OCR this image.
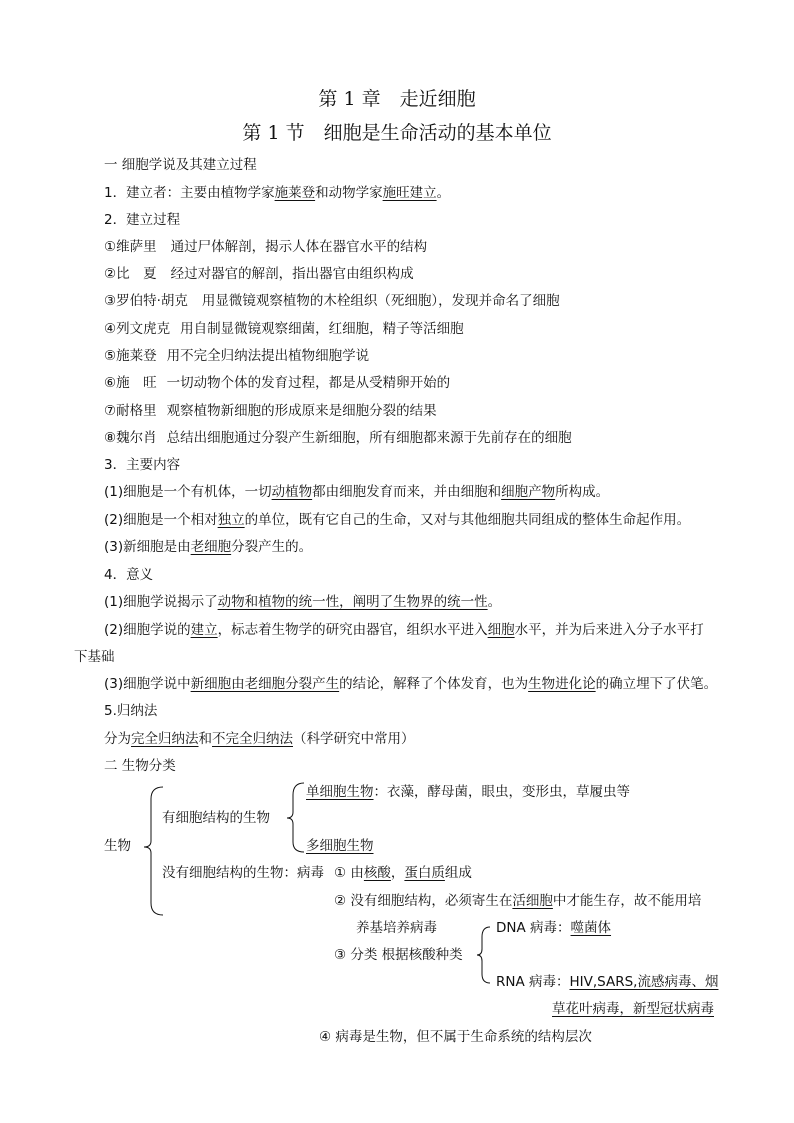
第 1 章　走近细胞
第 1 节　细胞是生命活动的基本单位
一 细胞学说及其建立过程
1．建立者：主要由植物学家施莱登和动物学家施旺建立。
2．建立过程
①维萨里 通过尸体解剖，揭示人体在器官水平的结构
②比　夏 经过对器官的解剖，指出器官由组织构成
③罗伯特·胡克 用显微镜观察植物的木栓组织（死细胞），发现并命名了细胞
④列文虎克 用自制显微镜观察细菌，红细胞，精子等活细胞
⑤施莱登 用不完全归纳法提出植物细胞学说
⑥施　旺 一切动物个体的发育过程，都是从受精卵开始的
⑦耐格里 观察植物新细胞的形成原来是细胞分裂的结果
⑧魏尔肖 总结出细胞通过分裂产生新细胞，所有细胞都来源于先前存在的细胞
3．主要内容
(1)细胞是一个有机体，一切动植物都由细胞发育而来，并由细胞和细胞产物所构成。
(2)细胞是一个相对独立的单位，既有它自己的生命，又对与其他细胞共同组成的整体生命起作用。
(3)新细胞是由老细胞分裂产生的。
4．意义
(1)细胞学说揭示了动物和植物的统一性，阐明了生物界的统一性。
(2)细胞学说的建立，标志着生物学的研究由器官，组织水平进入细胞水平，并为后来进入分子水平打
下基础
(3)细胞学说中新细胞由老细胞分裂产生的结论，解释了个体发育，也为生物进化论的确立埋下了伏笔。
5.归纳法
分为完全归纳法和不完全归纳法（科学研究中常用）
二 生物分类
生物
有细胞结构的生物
单细胞生物：衣藻，酵母菌，眼虫，变形虫，草履虫等
多细胞生物
没有细胞结构的生物：病毒 ① 由核酸，蛋白质组成
② 没有细胞结构，必须寄生在活细胞中才能生存，故不能用培
养基培养病毒
③ 分类 根据核酸种类
DNA 病毒：噬菌体
RNA 病毒：HIV,SARS,流感病毒、烟
草花叶病毒，新型冠状病毒
④ 病毒是生物，但不属于生命系统的结构层次
